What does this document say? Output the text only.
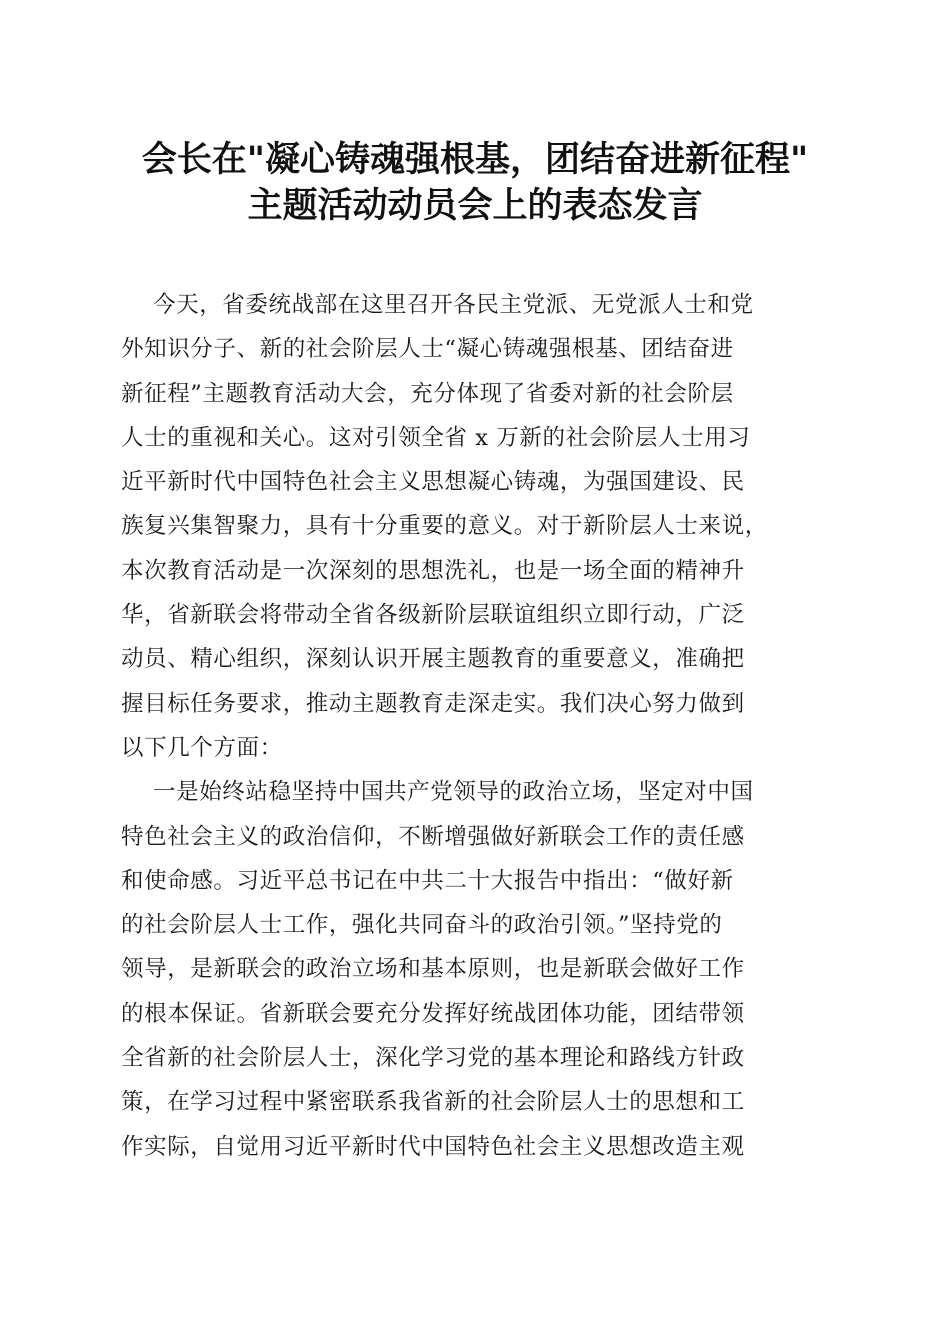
会长在"凝心铸魂强根基，团结奋进新征程"
主题活动动员会上的表态发言
今天，省委统战部在这里召开各民主党派、无党派人士和党
外知识分子、新的社会阶层人士“凝心铸魂强根基、团结奋进
新征程”主题教育活动大会，充分体现了省委对新的社会阶层
人士的重视和关心。这对引领全省 x 万新的社会阶层人士用习
近平新时代中国特色社会主义思想凝心铸魂，为强国建设、民
族复兴集智聚力，具有十分重要的意义。对于新阶层人士来说，
本次教育活动是一次深刻的思想洗礼，也是一场全面的精神升
华，省新联会将带动全省各级新阶层联谊组织立即行动，广泛
动员、精心组织，深刻认识开展主题教育的重要意义，准确把
握目标任务要求，推动主题教育走深走实。我们决心努力做到
以下几个方面：
一是始终站稳坚持中国共产党领导的政治立场，坚定对中国
特色社会主义的政治信仰，不断增强做好新联会工作的责任感
和使命感。习近平总书记在中共二十大报告中指出：“做好新
的社会阶层人士工作，强化共同奋斗的政治引领。”坚持党的
领导，是新联会的政治立场和基本原则，也是新联会做好工作
的根本保证。省新联会要充分发挥好统战团体功能，团结带领
全省新的社会阶层人士，深化学习党的基本理论和路线方针政
策，在学习过程中紧密联系我省新的社会阶层人士的思想和工
作实际，自觉用习近平新时代中国特色社会主义思想改造主观
